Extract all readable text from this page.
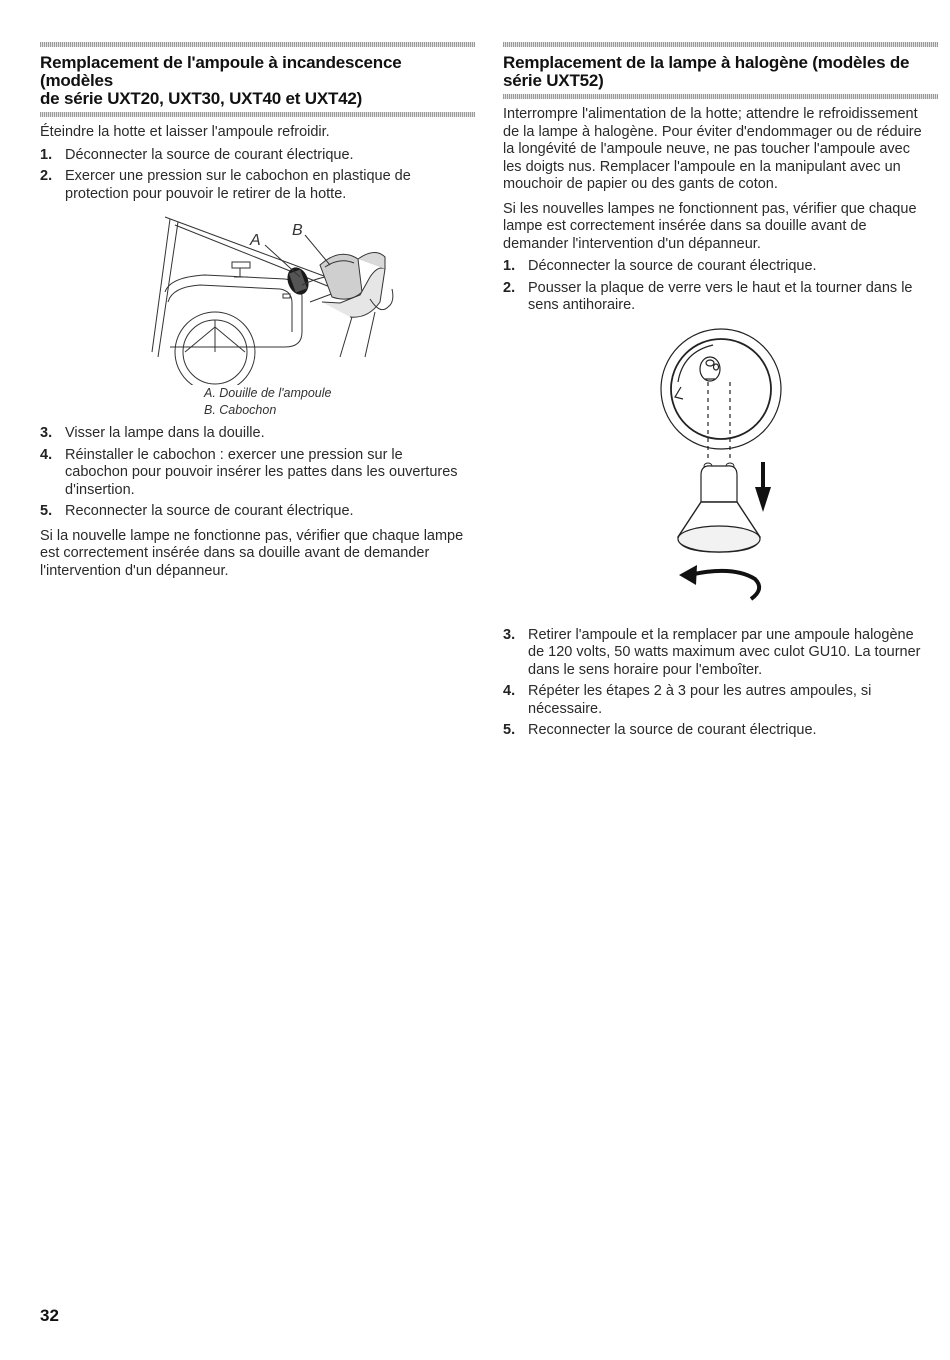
Remplacement de l'ampoule à incandescence (modèles
de série UXT20, UXT30, UXT40 et UXT42)

Éteindre la hotte et laisser l'ampoule refroidir.

1. Déconnecter la source de courant électrique.
2. Exercer une pression sur le cabochon en plastique de
protection pour pouvoir le retirer de la hotte.
A
B
A. Douille de l'ampoule
B. Cabochon
3. Visser la lampe dans la douille.
4. Réinstaller le cabochon : exercer une pression sur le
cabochon pour pouvoir insérer les pattes dans les ouvertures
d'insertion.
5. Reconnecter la source de courant électrique.

Si la nouvelle lampe ne fonctionne pas, vérifier que chaque lampe
est correctement insérée dans sa douille avant de demander
l'intervention d'un dépanneur.

Remplacement de la lampe à halogène (modèles de
série UXT52)

Interrompre l'alimentation de la hotte; attendre le refroidissement
de la lampe à halogène. Pour éviter d'endommager ou de réduire
la longévité de l'ampoule neuve, ne pas toucher l'ampoule avec
les doigts nus. Remplacer l'ampoule en la manipulant avec un
mouchoir de papier ou des gants de coton.

Si les nouvelles lampes ne fonctionnent pas, vérifier que chaque
lampe est correctement insérée dans sa douille avant de
demander l'intervention d'un dépanneur.

1. Déconnecter la source de courant électrique.
2. Pousser la plaque de verre vers le haut et la tourner dans le
sens antihoraire.
3. Retirer l'ampoule et la remplacer par une ampoule halogène
de 120 volts, 50 watts maximum avec culot GU10. La tourner
dans le sens horaire pour l'emboîter.
4. Répéter les étapes 2 à 3 pour les autres ampoules, si
nécessaire.
5. Reconnecter la source de courant électrique.
32
